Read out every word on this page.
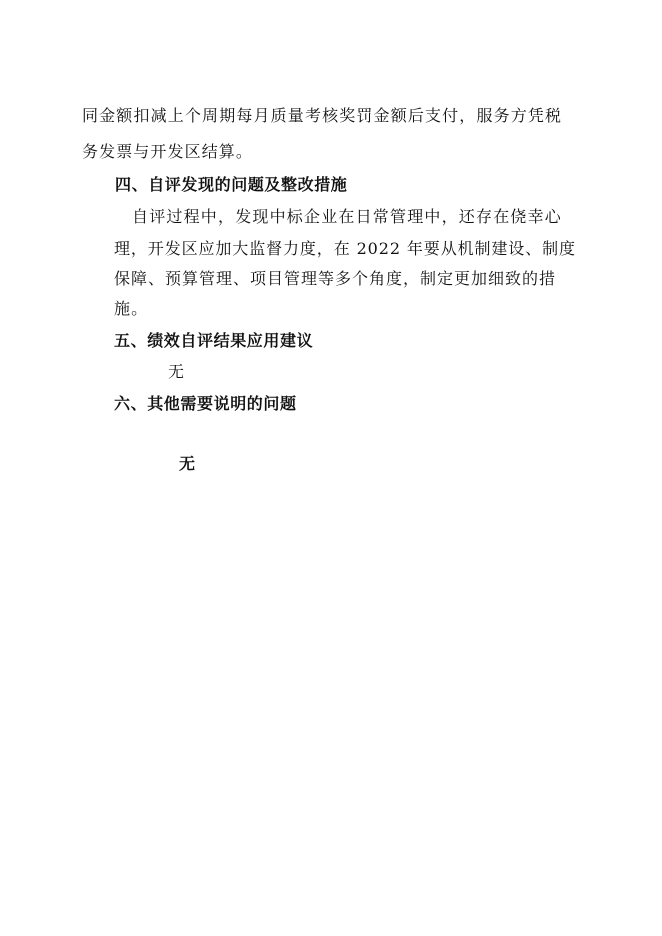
同金额扣减上个周期每月质量考核奖罚金额后支付，服务方凭税
务发票与开发区结算。
四、自评发现的问题及整改措施
自评过程中，发现中标企业在日常管理中，还存在侥幸心
理，开发区应加大监督力度，在 2022 年要从机制建设、制度
保障、预算管理、项目管理等多个角度，制定更加细致的措
施。
五、绩效自评结果应用建议
无
六、其他需要说明的问题
无
